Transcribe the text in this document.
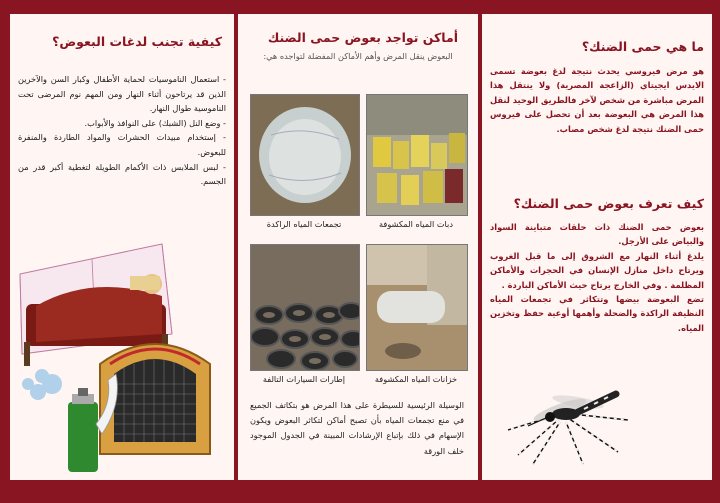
ما هي حمى الضنك؟

هو مرض فيروسي يحدث نتيجة لدغ بعوضة تسمى الايدس ايجيتاي (الزاعجة المصرية) ولا ينتقل هذا المرض مباشرة من شخص لآخر فالطريق الوحيد لنقل هذا المرض هي البعوضة بعد أن تحصل على فيروس حمى الضنك نتيجة لدغ شخص مصاب.

كيف تعرف بعوض حمى الضنك؟

بعوض حمى الضنك ذات حلقات متباينة السواد والبياض على الأرجل.

يلدغ أثناء النهار مع الشروق إلى ما قبل الغروب ويرتاح داخل منازل الإنسان في الحجرات والأماكن المظلمة . وفي الخارج يرتاح حيث الأماكن الباردة .

تضع البعوضة بيضها وتتكاثر في تجمعات المياه النظيفة الراكدة والضحلة وأهمها أوعية حفظ وتخزين المياه.

أماكن تواجد بعوض حمى الضنك
البعوض ينقل المرض وأهم الأماكن المفضلة لتواجده هي:
دبات المياه المكشوفة
تجمعات المياه الراكدة
خزانات المياه المكشوفة
إطارات السيارات التالفة
الوسيلة الرئيسية للسيطرة على هذا المرض هو بتكاتف الجميع في منع تجمعات المياه بأن تصبح أماكن لتكاثر البعوض ويكون الإسهام في ذلك بإتباع الإرشادات المبينة في الجدول الموجود خلف الورقة
كيفية تجنب لدغات البعوض؟

- استعمال الناموسيات لحماية الأطفال وكبار السن والآخرين الذين قد يرتاحون أثناء النهار ومن المهم نوم المرضى تحت الناموسية طوال النهار.

- وضع النل (الشبك) على النوافذ والأبواب.

- إستخدام مبيدات الحشرات والمواد الطاردة والمنفرة للبعوض.

- لبس الملابس ذات الأكمام الطويلة لتغطية أكبر قدر من الجسم.
